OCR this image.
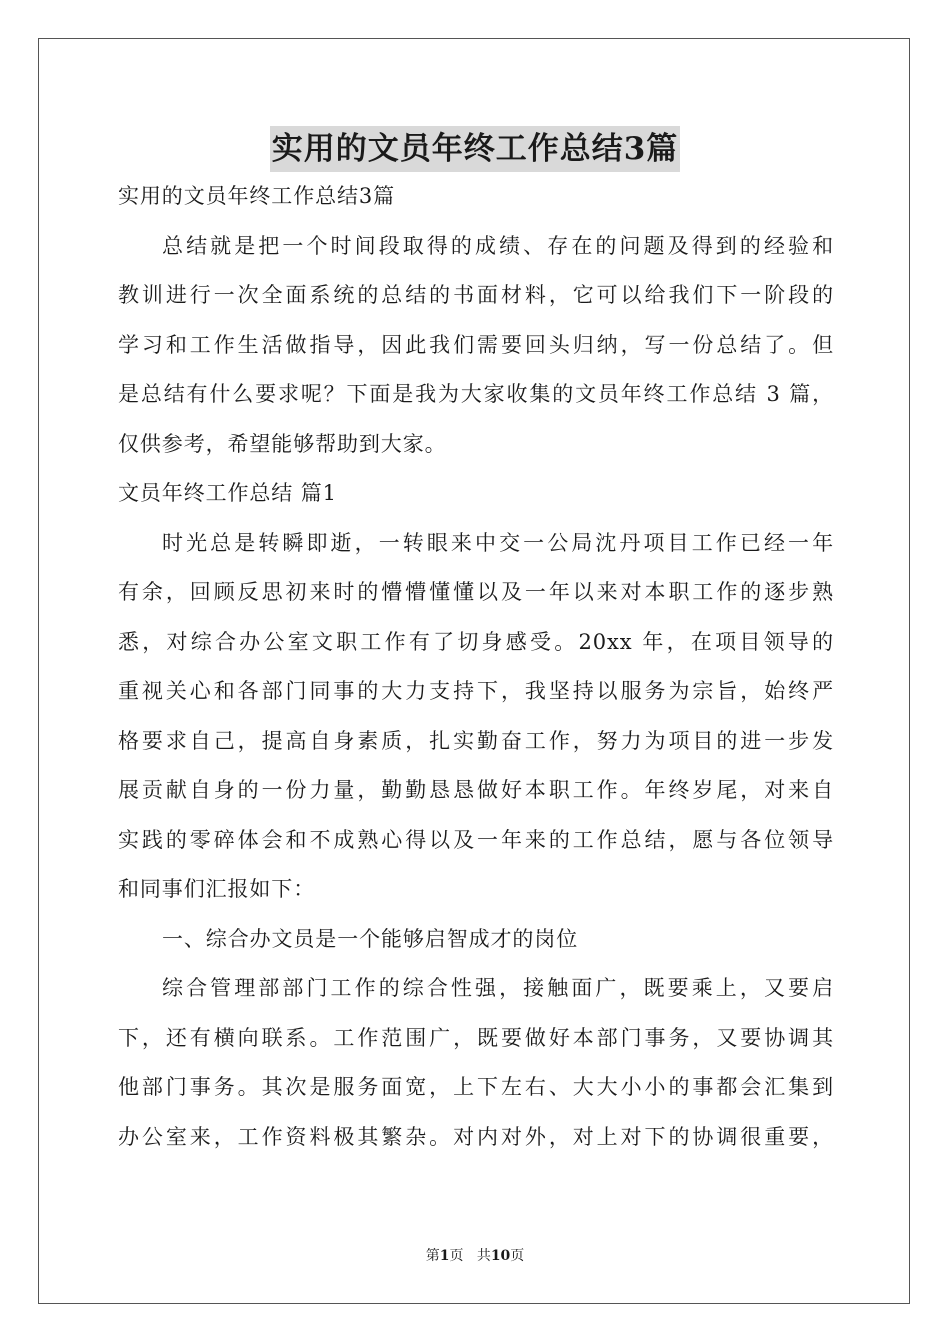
实用的文员年终工作总结3篇
实用的文员年终工作总结3篇
总结就是把一个时间段取得的成绩、存在的问题及得到的经验和
教训进行一次全面系统的总结的书面材料，它可以给我们下一阶段的
学习和工作生活做指导，因此我们需要回头归纳，写一份总结了。但
是总结有什么要求呢？下面是我为大家收集的文员年终工作总结 3 篇，
仅供参考，希望能够帮助到大家。
文员年终工作总结 篇1
时光总是转瞬即逝，一转眼来中交一公局沈丹项目工作已经一年
有余，回顾反思初来时的懵懵懂懂以及一年以来对本职工作的逐步熟
悉，对综合办公室文职工作有了切身感受。20xx 年，在项目领导的
重视关心和各部门同事的大力支持下，我坚持以服务为宗旨，始终严
格要求自己，提高自身素质，扎实勤奋工作，努力为项目的进一步发
展贡献自身的一份力量，勤勤恳恳做好本职工作。年终岁尾，对来自
实践的零碎体会和不成熟心得以及一年来的工作总结，愿与各位领导
和同事们汇报如下：
一、综合办文员是一个能够启智成才的岗位
综合管理部部门工作的综合性强，接触面广，既要乘上，又要启
下，还有横向联系。工作范围广，既要做好本部门事务，又要协调其
他部门事务。其次是服务面宽，上下左右、大大小小的事都会汇集到
办公室来，工作资料极其繁杂。对内对外，对上对下的协调很重要，
第1页 共10页
